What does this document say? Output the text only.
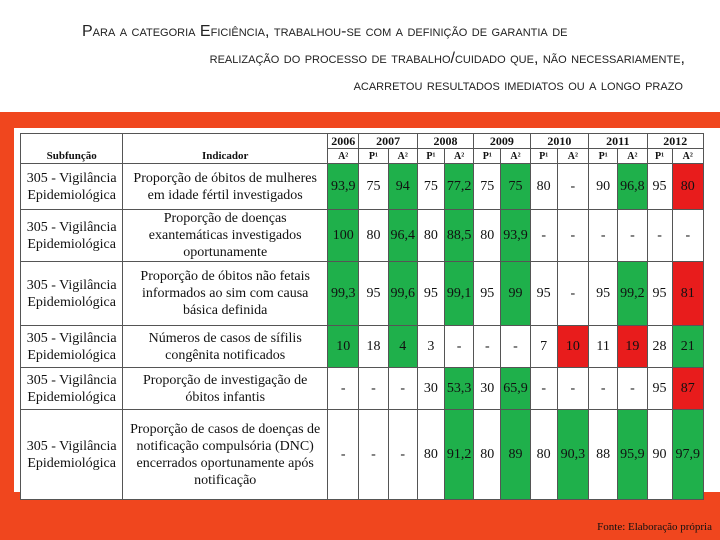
Para a categoria Eficiência, trabalhou-se com a definição de garantia de
realização do processo de trabalho/cuidado que, não necessariamente,
acarretou resultados imediatos ou a longo prazo
		2006	2007		2008		2009		2010		2011		2012	
Subfunção	Indicador	A²	P¹	A²	P¹	A²	P¹	A²	P¹	A²	P¹	A²	P¹	A²
305 - Vigilância Epidemiológica	Proporção de óbitos de mulheres em idade fértil investigados	93,9	75	94	75	77,2	75	75	80	-	90	96,8	95	80
305 - Vigilância Epidemiológica	Proporção de doenças exantemáticas investigados oportunamente	100	80	96,4	80	88,5	80	93,9	-	-	-	-	-	-
305 - Vigilância Epidemiológica	Proporção de óbitos não fetais informados ao sim com causa básica definida	99,3	95	99,6	95	99,1	95	99	95	-	95	99,2	95	81
305 - Vigilância Epidemiológica	Números de casos de sífilis congênita notificados	10	18	4	3	-	-	-	7	10	11	19	28	21
305 - Vigilância Epidemiológica	Proporção de investigação de óbitos infantis	-	-	-	30	53,3	30	65,9	-	-	-	-	95	87
305 - Vigilância Epidemiológica	Proporção de casos de doenças de notificação compulsória (DNC) encerrados oportunamente após notificação	-	-	-	80	91,2	80	89	80	90,3	88	95,9	90	97,9
Fonte: Elaboração própria
